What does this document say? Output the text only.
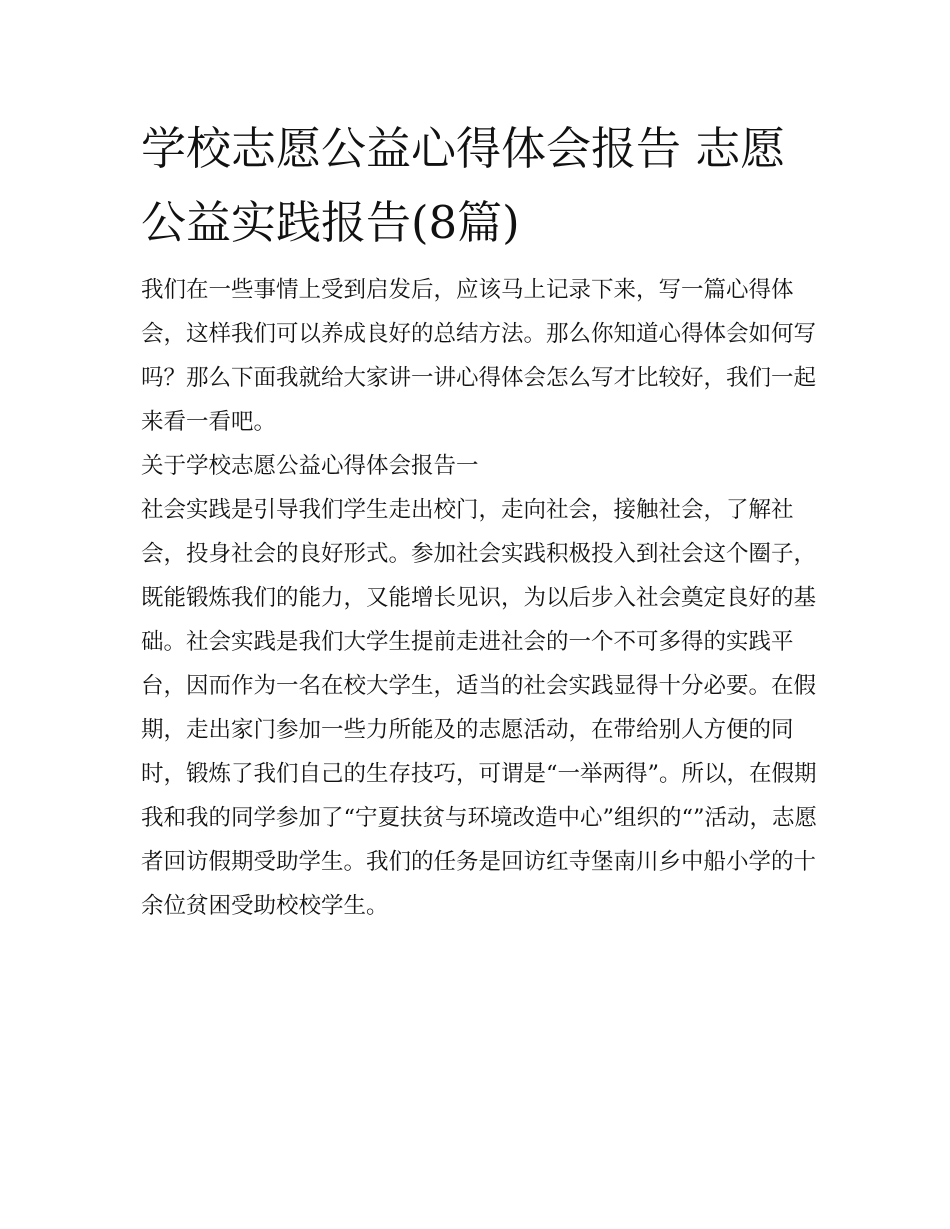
学校志愿公益心得体会报告 志愿公益实践报告(8篇)

我们在一些事情上受到启发后，应该马上记录下来，写一篇心得体会，这样我们可以养成良好的总结方法。那么你知道心得体会如何写吗？那么下面我就给大家讲一讲心得体会怎么写才比较好，我们一起来看一看吧。

关于学校志愿公益心得体会报告一

社会实践是引导我们学生走出校门，走向社会，接触社会，了解社会，投身社会的良好形式。参加社会实践积极投入到社会这个圈子，既能锻炼我们的能力，又能增长见识，为以后步入社会奠定良好的基础。社会实践是我们大学生提前走进社会的一个不可多得的实践平台，因而作为一名在校大学生，适当的社会实践显得十分必要。在假期，走出家门参加一些力所能及的志愿活动，在带给别人方便的同时，锻炼了我们自己的生存技巧，可谓是“一举两得”。所以，在假期我和我的同学参加了“宁夏扶贫与环境改造中心”组织的“”活动，志愿者回访假期受助学生。我们的任务是回访红寺堡南川乡中船小学的十余位贫困受助校校学生。
